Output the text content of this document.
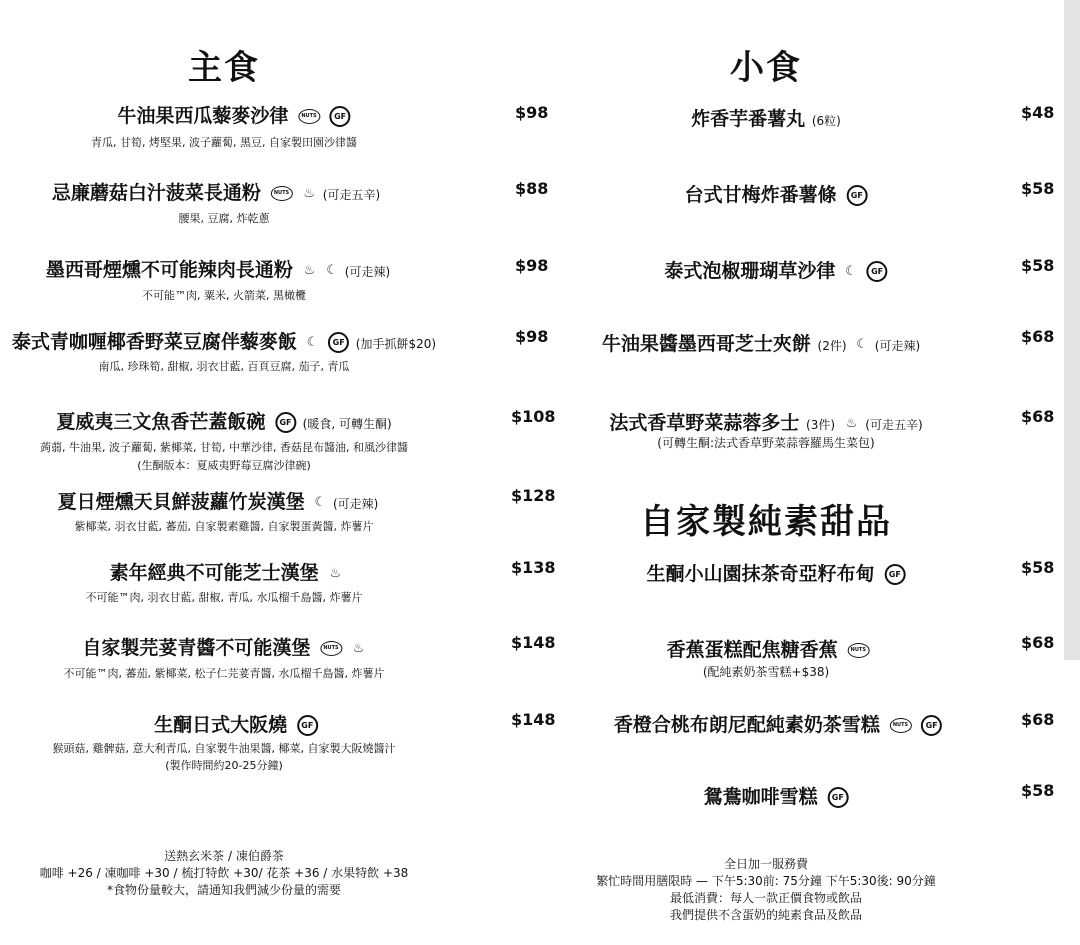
主食
牛油果西瓜藜麥沙律	NUTS GF	$98
青瓜, 甘筍, 烤堅果, 波子蘿蔔, 黑豆, 自家製田園沙律醬
忌廉蘑菇白汁菠菜長通粉	NUTS ♨ (可走五辛)	$88
腰果, 豆腐, 炸乾蔥
墨西哥煙燻不可能辣肉長通粉 ♨ ☾ (可走辣)	$98
不可能™肉, 粟米, 火箭菜, 黑橄欖
泰式青咖喱椰香野菜豆腐伴藜麥飯 ☾ GF (加手抓餅$20)	$98
南瓜, 珍珠筍, 甜椒, 羽衣甘藍, 百頁豆腐, 茄子, 青瓜
夏威夷三文魚香芒蓋飯碗 GF (暖食, 可轉生酮)	$108
蒟蒻, 牛油果, 波子蘿蔔, 紫椰菜, 甘筍, 中華沙律, 香菇昆布醬油, 和風沙律醬
(生酮版本：夏威夷野莓豆腐沙律碗)
夏日煙燻天貝鮮菠蘿竹炭漢堡 ☾ (可走辣)	$128
紫椰菜, 羽衣甘藍, 蕃茄, 自家製素雞醬, 自家製蛋黃醬, 炸薯片
素年經典不可能芝士漢堡 ♨	$138
不可能™肉, 羽衣甘藍, 甜椒, 青瓜, 水瓜榴千島醬, 炸薯片
自家製芫荽青醬不可能漢堡	NUTS ♨	$148
不可能™肉, 蕃茄, 紫椰菜, 松子仁芫荽青醬, 水瓜榴千島醬, 炸薯片
生酮日式大阪燒 GF	$148
猴頭菇, 雞髀菇, 意大利青瓜, 自家製牛油果醬, 椰菜, 自家製大阪燒醬汁
(製作時間約20-25分鐘)
小食
炸香芋番薯丸 (6粒)	$48
台式甘梅炸番薯條 GF	$58
泰式泡椒珊瑚草沙律 ☾ GF	$58
牛油果醬墨西哥芝士夾餅 (2件) ☾ (可走辣)	$68
法式香草野菜蒜蓉多士 (3件) ♨ (可走五辛)	$68
(可轉生酮:法式香草野菜蒜蓉羅馬生菜包)
自家製純素甜品
生酮小山園抹茶奇亞籽布甸 GF	$58
香蕉蛋糕配焦糖香蕉	NUTS	$68
(配純素奶茶雪糕+$38)
香橙合桃布朗尼配純素奶茶雪糕	NUTS GF	$68
鴛鴦咖啡雪糕 GF	$58
送熱玄米茶 / 凍伯爵茶
咖啡 +26 / 凍咖啡 +30 / 梳打特飲 +30/ 花茶 +36 / 水果特飲 +38
*食物份量較大，請通知我們減少份量的需要
全日加一服務費
繁忙時間用膳限時 — 下午5:30前: 75分鐘 下午5:30後: 90分鐘
最低消費：每人一款正價食物或飲品
我們提供不含蛋奶的純素食品及飲品
